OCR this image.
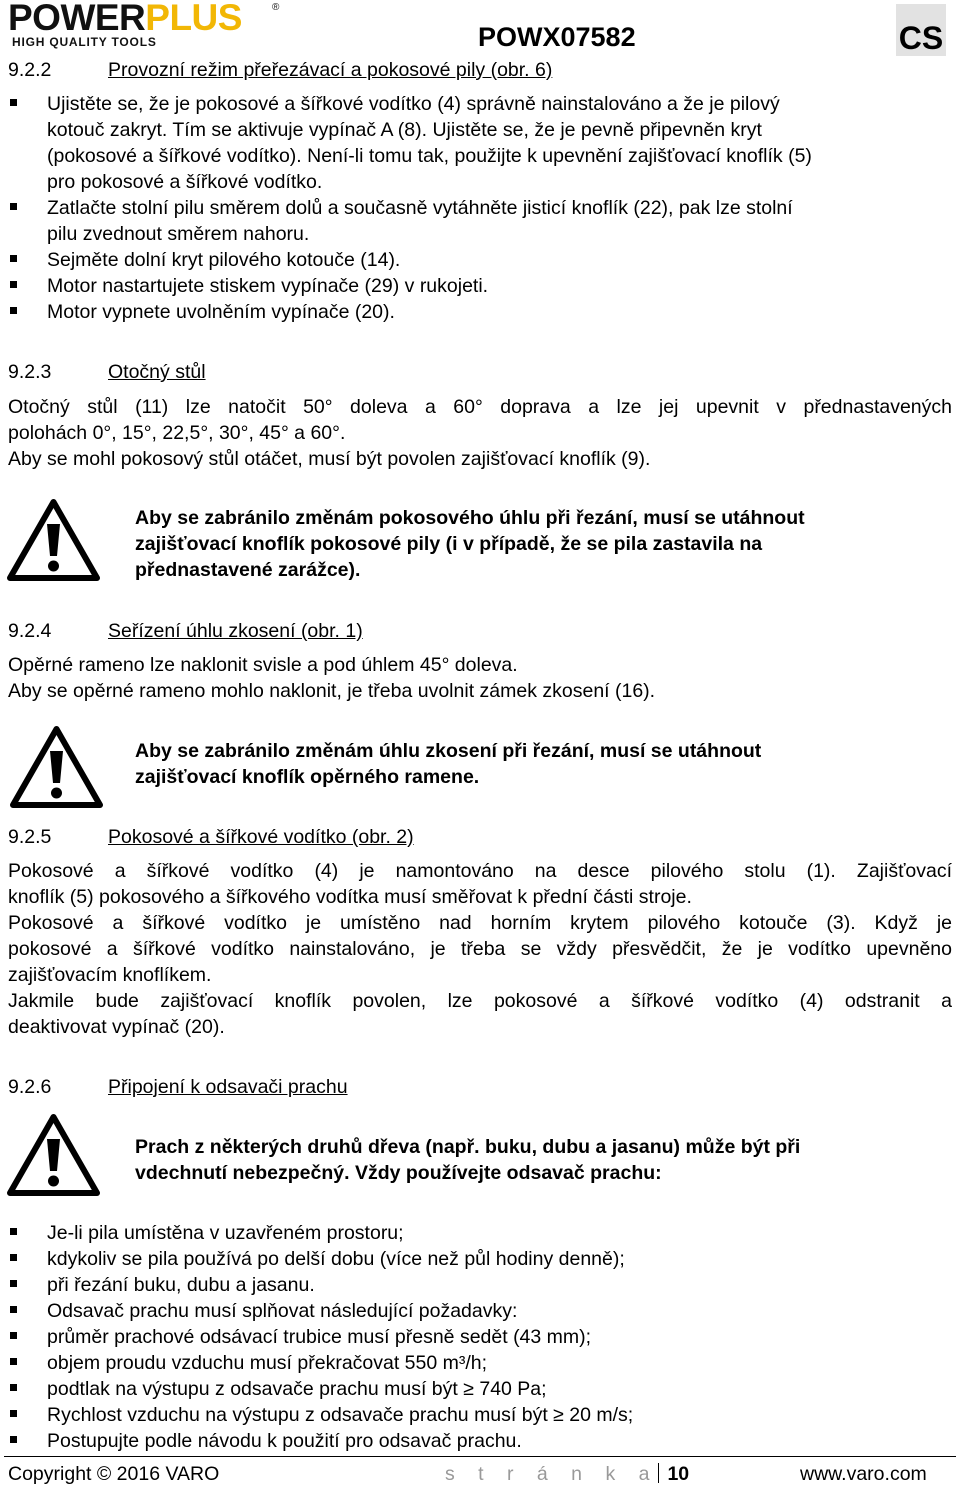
POWERPLUS	®
HIGH QUALITY TOOLS	POWX07582	CS
9.2.2	Provozní režim přeřezávací a pokosové pily (obr. 6)
Ujistěte se, že je pokosové a šířkové vodítko (4) správně nainstalováno a že je pilový
kotouč zakryt. Tím se aktivuje vypínač A (8). Ujistěte se, že je pevně připevněn kryt
(pokosové a šířkové vodítko). Není-li tomu tak, použijte k upevnění zajišťovací knoflík (5)
pro pokosové a šířkové vodítko.
Zatlačte stolní pilu směrem dolů a současně vytáhněte jisticí knoflík (22), pak lze stolní
pilu zvednout směrem nahoru.
Sejměte dolní kryt pilového kotouče (14).
Motor nastartujete stiskem vypínače (29) v rukojeti.
Motor vypnete uvolněním vypínače (20).
9.2.3	Otočný stůl
Otočný stůl (11) lze natočit 50° doleva a 60° doprava a lze jej upevnit v přednastavených
polohách 0°, 15°, 22,5°, 30°, 45° a 60°.
Aby se mohl pokosový stůl otáčet, musí být povolen zajišťovací knoflík (9).
Aby se zabránilo změnám pokosového úhlu při řezání, musí se utáhnout
zajišťovací knoflík pokosové pily (i v případě, že se pila zastavila na
přednastavené zarážce).
9.2.4	Seřízení úhlu zkosení (obr. 1)
Opěrné rameno lze naklonit svisle a pod úhlem 45° doleva.
Aby se opěrné rameno mohlo naklonit, je třeba uvolnit zámek zkosení (16).
Aby se zabránilo změnám úhlu zkosení při řezání, musí se utáhnout
zajišťovací knoflík opěrného ramene.
9.2.5	Pokosové a šířkové vodítko (obr. 2)
Pokosové a šířkové vodítko (4) je namontováno na desce pilového stolu (1). Zajišťovací
knoflík (5) pokosového a šířkového vodítka musí směřovat k přední části stroje.
Pokosové a šířkové vodítko je umístěno nad horním krytem pilového kotouče (3). Když je
pokosové a šířkové vodítko nainstalováno, je třeba se vždy přesvědčit, že je vodítko upevněno
zajišťovacím knoflíkem.
Jakmile bude zajišťovací knoflík povolen, lze pokosové a šířkové vodítko (4) odstranit a
deaktivovat vypínač (20).
9.2.6	Připojení k odsavači prachu
Prach z některých druhů dřeva (např. buku, dubu a jasanu) může být při
vdechnutí nebezpečný. Vždy používejte odsavač prachu:
Je-li pila umístěna v uzavřeném prostoru;
kdykoliv se pila používá po delší dobu (více než půl hodiny denně);
při řezání buku, dubu a jasanu.
Odsavač prachu musí splňovat následující požadavky:
průměr prachové odsávací trubice musí přesně sedět (43 mm);
objem proudu vzduchu musí překračovat 550 m³/h;
podtlak na výstupu z odsavače prachu musí být ≥ 740 Pa;
Rychlost vzduchu na výstupu z odsavače prachu musí být ≥ 20 m/s;
Postupujte podle návodu k použití pro odsavač prachu.
Copyright © 2016 VARO	s t r á n k a 10	www.varo.com
